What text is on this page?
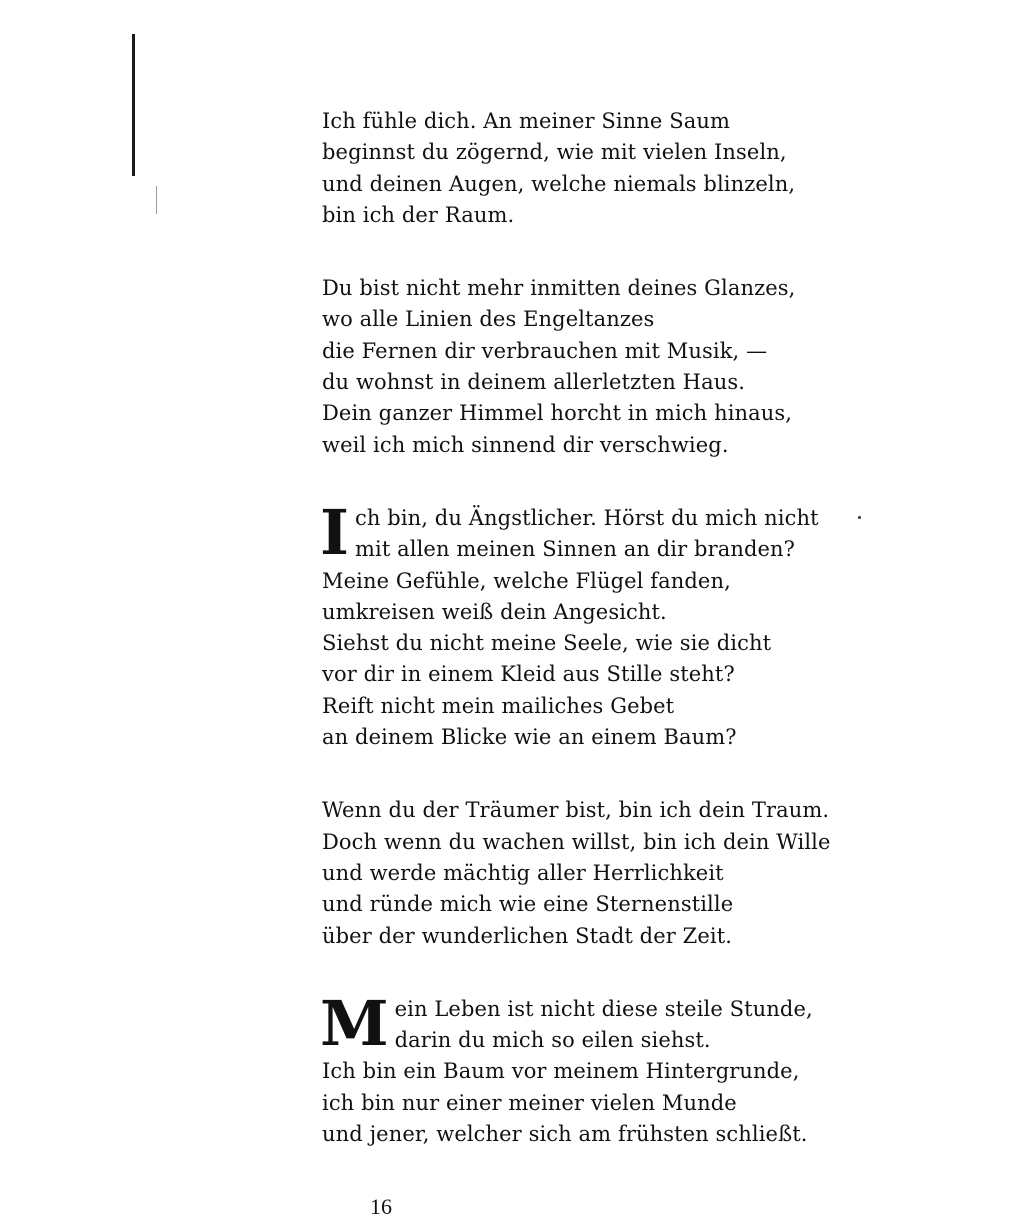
Ich fühle dich. An meiner Sinne Saum
beginnst du zögernd, wie mit vielen Inseln,
und deinen Augen, welche niemals blinzeln,
bin ich der Raum.
Du bist nicht mehr inmitten deines Glanzes,
wo alle Linien des Engeltanzes
die Fernen dir verbrauchen mit Musik, —
du wohnst in deinem allerletzten Haus.
Dein ganzer Himmel horcht in mich hinaus,
weil ich mich sinnend dir verschwieg.
I ch bin, du Ängstlicher. Hörst du mich nicht
mit allen meinen Sinnen an dir branden?
Meine Gefühle, welche Flügel fanden,
umkreisen weiß dein Angesicht.
Siehst du nicht meine Seele, wie sie dicht
vor dir in einem Kleid aus Stille steht?
Reift nicht mein mailiches Gebet
an deinem Blicke wie an einem Baum?
Wenn du der Träumer bist, bin ich dein Traum.
Doch wenn du wachen willst, bin ich dein Wille
und werde mächtig aller Herrlichkeit
und ründe mich wie eine Sternenstille
über der wunderlichen Stadt der Zeit.
M ein Leben ist nicht diese steile Stunde,
darin du mich so eilen siehst.
Ich bin ein Baum vor meinem Hintergrunde,
ich bin nur einer meiner vielen Munde
und jener, welcher sich am frühsten schließt.
16
